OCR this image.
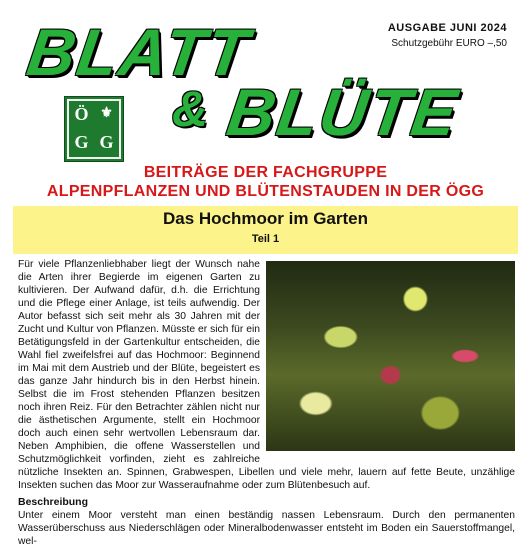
BLATT
& BLÜTE
AUSGABE JUNI 2024
Schutzgebühr EURO –,50
Ö ⚜
G G
BEITRÄGE DER FACHGRUPPE
ALPENPFLANZEN UND BLÜTENSTAUDEN IN DER ÖGG
Das Hochmoor im Garten
Teil 1

Für viele Pflanzenliebhaber liegt der Wunsch nahe die Arten ihrer Begierde im eigenen Garten zu kultivieren. Der Aufwand dafür, d.h. die Errichtung und die Pflege einer Anlage, ist teils aufwendig. Der Autor befasst sich seit mehr als 30 Jahren mit der Zucht und Kultur von Pflanzen. Müsste er sich für ein Betätigungsfeld in der Gartenkultur entscheiden, die Wahl fiel zweifelsfrei auf das Hochmoor: Beginnend im Mai mit dem Austrieb und der Blüte, begeistert es das ganze Jahr hindurch bis in den Herbst hinein. Selbst die im Frost stehenden Pflanzen besitzen noch ihren Reiz. Für den Betrachter zählen nicht nur die ästhetischen Argumente, stellt ein Hochmoor doch auch einen sehr wertvollen Lebensraum dar. Neben Amphibien, die offene Wasserstellen und Schutzmöglichkeit vorfinden, zieht es zahlreiche nützliche Insekten an. Spinnen, Grabwespen, Libellen und viele mehr, lauern auf fette Beute, unzählige Insekten suchen das Moor zur Wasseraufnahme oder zum Blütenbesuch auf.

Beschreibung

Unter einem Moor versteht man einen beständig nassen Lebensraum. Durch den permanenten Wasserüberschuss aus Niederschlägen oder Mineralbodenwasser entsteht im Boden ein Sauerstoffmangel, wel-
